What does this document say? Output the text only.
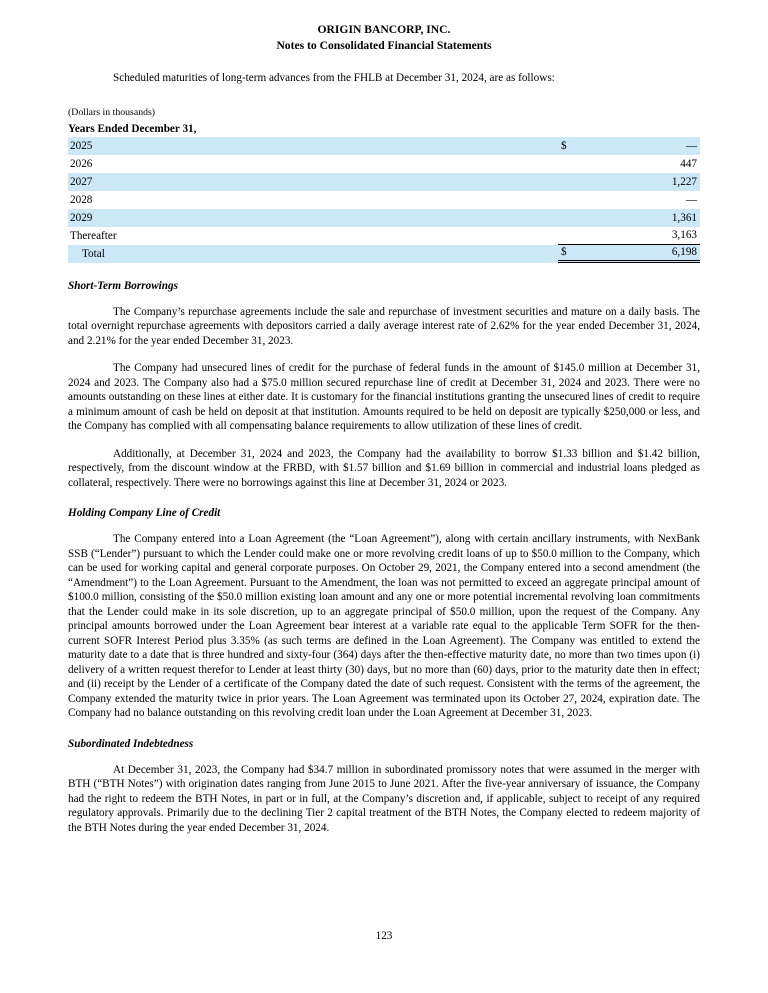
ORIGIN BANCORP, INC.
Notes to Consolidated Financial Statements

Scheduled maturities of long-term advances from the FHLB at December 31, 2024, are as follows:

(Dollars in thousands)
Years Ended December 31,
2025	$	—
2026	447
2027	1,227
2028	—
2029	1,361
Thereafter	3,163
Total	$	6,198
Short-Term Borrowings

The Company’s repurchase agreements include the sale and repurchase of investment securities and mature on a daily basis. The total overnight repurchase agreements with depositors carried a daily average interest rate of 2.62% for the year ended December 31, 2024, and 2.21% for the year ended December 31, 2023.

The Company had unsecured lines of credit for the purchase of federal funds in the amount of $145.0 million at December 31, 2024 and 2023. The Company also had a $75.0 million secured repurchase line of credit at December 31, 2024 and 2023. There were no amounts outstanding on these lines at either date. It is customary for the financial institutions granting the unsecured lines of credit to require a minimum amount of cash be held on deposit at that institution. Amounts required to be held on deposit are typically $250,000 or less, and the Company has complied with all compensating balance requirements to allow utilization of these lines of credit.

Additionally, at December 31, 2024 and 2023, the Company had the availability to borrow $1.33 billion and $1.42 billion, respectively, from the discount window at the FRBD, with $1.57 billion and $1.69 billion in commercial and industrial loans pledged as collateral, respectively. There were no borrowings against this line at December 31, 2024 or 2023.

Holding Company Line of Credit

The Company entered into a Loan Agreement (the “Loan Agreement”), along with certain ancillary instruments, with NexBank SSB (“Lender”) pursuant to which the Lender could make one or more revolving credit loans of up to $50.0 million to the Company, which can be used for working capital and general corporate purposes. On October 29, 2021, the Company entered into a second amendment (the “Amendment”) to the Loan Agreement. Pursuant to the Amendment, the loan was not permitted to exceed an aggregate principal amount of $100.0 million, consisting of the $50.0 million existing loan amount and any one or more potential incremental revolving loan commitments that the Lender could make in its sole discretion, up to an aggregate principal of $50.0 million, upon the request of the Company. Any principal amounts borrowed under the Loan Agreement bear interest at a variable rate equal to the applicable Term SOFR for the then-current SOFR Interest Period plus 3.35% (as such terms are defined in the Loan Agreement). The Company was entitled to extend the maturity date to a date that is three hundred and sixty-four (364) days after the then-effective maturity date, no more than two times upon (i) delivery of a written request therefor to Lender at least thirty (30) days, but no more than (60) days, prior to the maturity date then in effect; and (ii) receipt by the Lender of a certificate of the Company dated the date of such request. Consistent with the terms of the agreement, the Company extended the maturity twice in prior years. The Loan Agreement was terminated upon its October 27, 2024, expiration date. The Company had no balance outstanding on this revolving credit loan under the Loan Agreement at December 31, 2023.

Subordinated Indebtedness

At December 31, 2023, the Company had $34.7 million in subordinated promissory notes that were assumed in the merger with BTH (“BTH Notes”) with origination dates ranging from June 2015 to June 2021. After the five-year anniversary of issuance, the Company had the right to redeem the BTH Notes, in part or in full, at the Company’s discretion and, if applicable, subject to receipt of any required regulatory approvals. Primarily due to the declining Tier 2 capital treatment of the BTH Notes, the Company elected to redeem majority of the BTH Notes during the year ended December 31, 2024.

123
